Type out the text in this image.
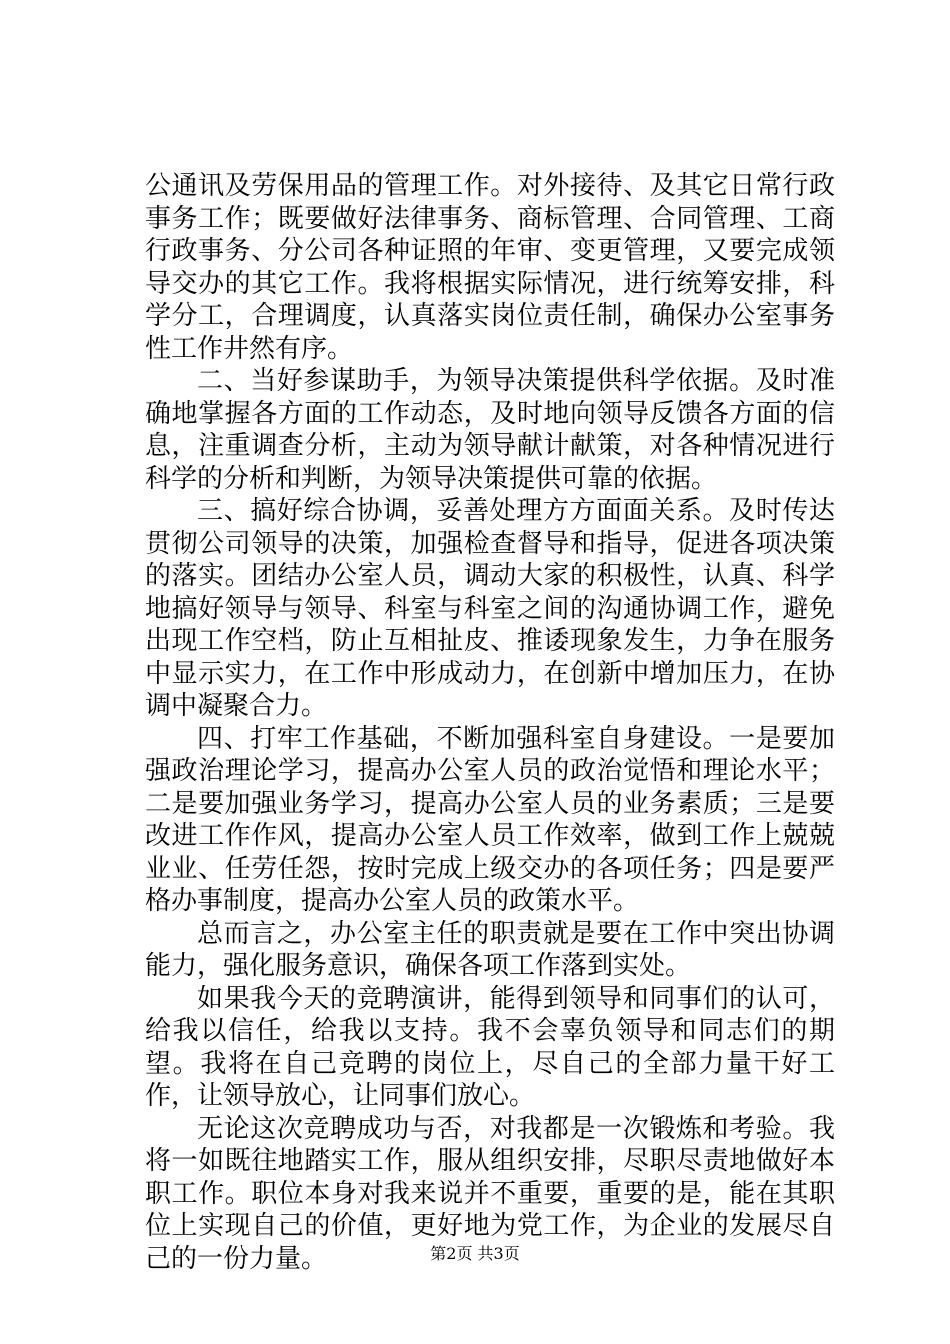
公通讯及劳保用品的管理工作。对外接待、及其它日常行政事务工作；既要做好法律事务、商标管理、合同管理、工商行政事务、分公司各种证照的年审、变更管理，又要完成领导交办的其它工作。我将根据实际情况，进行统筹安排，科学分工，合理调度，认真落实岗位责任制，确保办公室事务性工作井然有序。

二、当好参谋助手，为领导决策提供科学依据。及时准确地掌握各方面的工作动态，及时地向领导反馈各方面的信息，注重调查分析，主动为领导献计献策，对各种情况进行科学的分析和判断，为领导决策提供可靠的依据。

三、搞好综合协调，妥善处理方方面面关系。及时传达贯彻公司领导的决策，加强检查督导和指导，促进各项决策的落实。团结办公室人员，调动大家的积极性，认真、科学地搞好领导与领导、科室与科室之间的沟通协调工作，避免出现工作空档，防止互相扯皮、推诿现象发生，力争在服务中显示实力，在工作中形成动力，在创新中增加压力，在协调中凝聚合力。

四、打牢工作基础，不断加强科室自身建设。一是要加强政治理论学习，提高办公室人员的政治觉悟和理论水平；二是要加强业务学习，提高办公室人员的业务素质；三是要改进工作作风，提高办公室人员工作效率，做到工作上兢兢业业、任劳任怨，按时完成上级交办的各项任务；四是要严格办事制度，提高办公室人员的政策水平。

总而言之，办公室主任的职责就是要在工作中突出协调能力，强化服务意识，确保各项工作落到实处。

如果我今天的竞聘演讲，能得到领导和同事们的认可，给我以信任，给我以支持。我不会辜负领导和同志们的期望。我将在自己竞聘的岗位上，尽自己的全部力量干好工作，让领导放心，让同事们放心。

无论这次竞聘成功与否，对我都是一次锻炼和考验。我将一如既往地踏实工作，服从组织安排，尽职尽责地做好本职工作。职位本身对我来说并不重要，重要的是，能在其职位上实现自己的价值，更好地为党工作，为企业的发展尽自己的一份力量。	第2页 共3页
